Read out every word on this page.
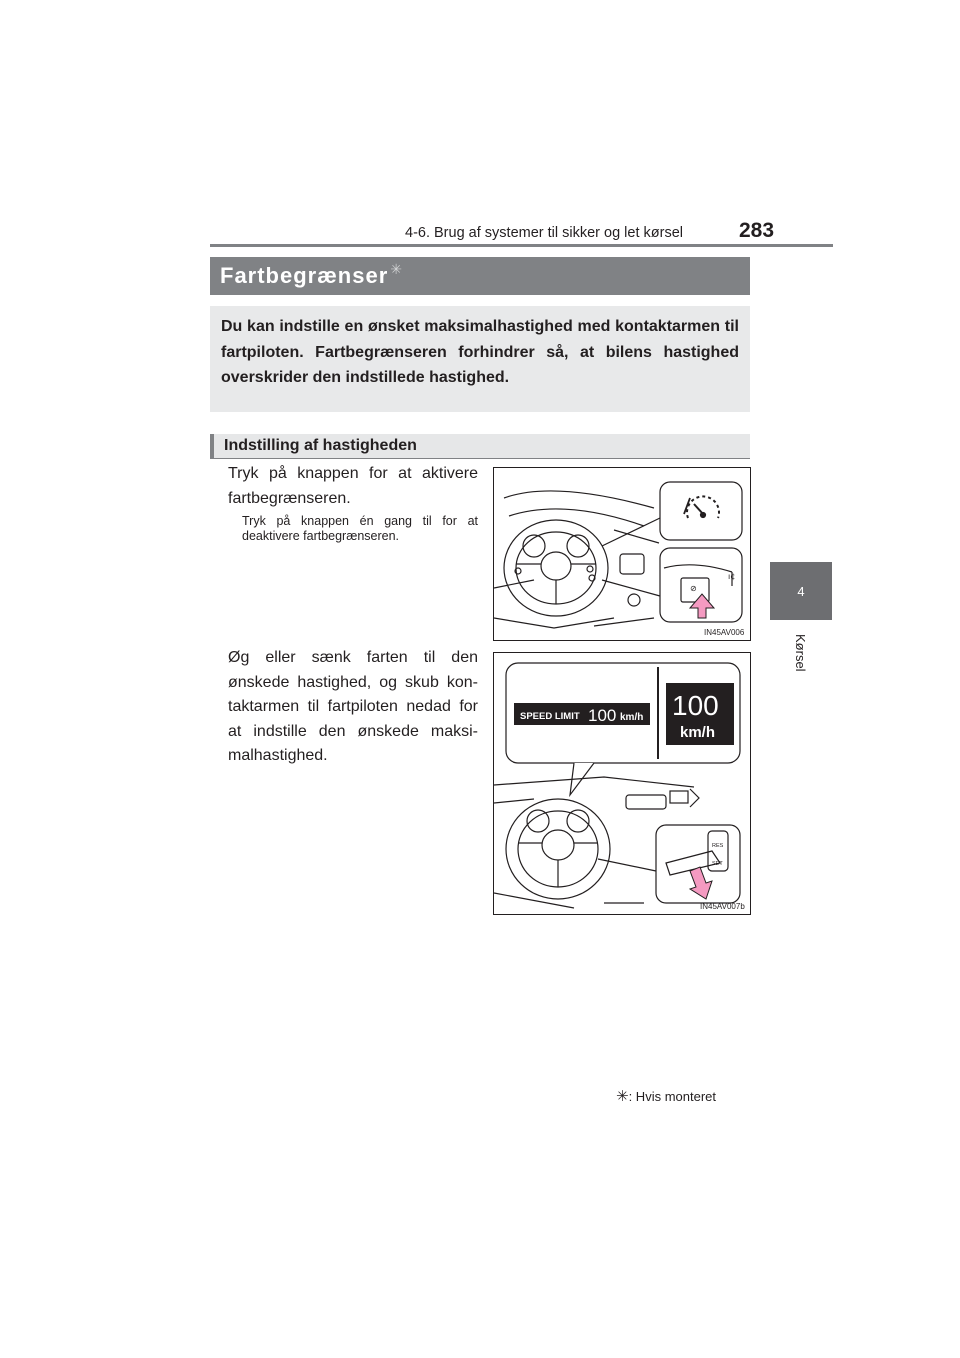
4-6. Brug af systemer til sikker og let kørsel	283
4
Kørsel
Fartbegrænser ✳
Du kan indstille en ønsket maksimalhastighed med kontaktarmen til fartpiloten. Fartbegrænseren forhindrer så, at bilens hastighed overskrider den indstillede hastighed.
Indstilling af hastigheden
Tryk på knappen for at aktivere fartbegrænseren.
Tryk på knappen én gang til for at deaktivere fartbegrænseren.
Øg eller sænk farten til den ønskede hastighed, og skub kon-taktarmen til fartpiloten nedad for at indstille den ønskede maksi-malhastighed.
⊘
ı¢
IN45AV006
SPEED LIMIT 100 km/h 100
km/h
RES
SET
IN45AV007b
✳: Hvis monteret
